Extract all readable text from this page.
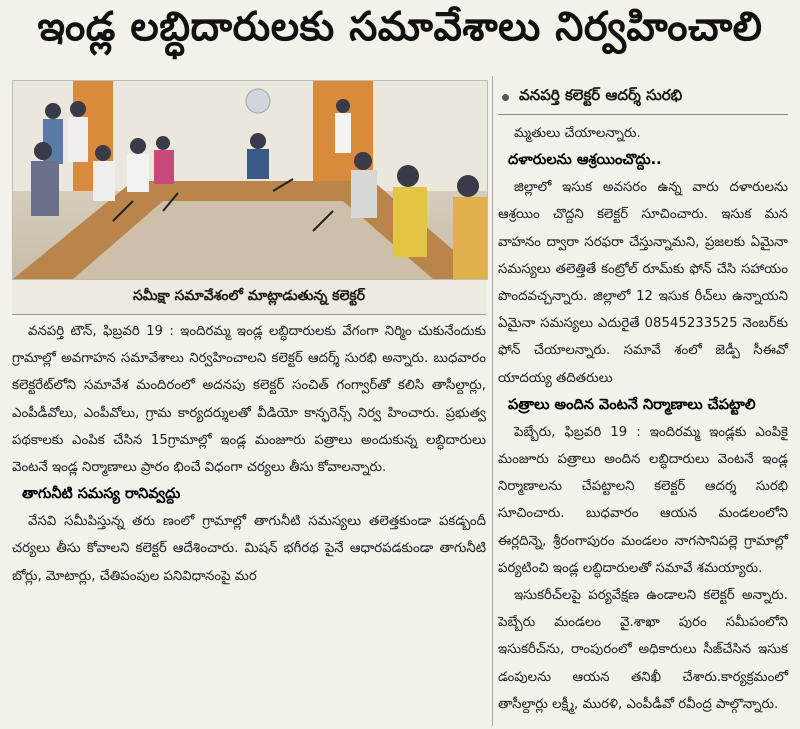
ఇండ్ల లబ్ధిదారులకు సమావేశాలు నిర్వహించాలి
సమీక్షా సమావేశంలో మాట్లాడుతున్న కలెక్టర్
వనపర్తి కలెక్టర్ ఆదర్శ్ సురభి

వనపర్తి టౌన్, ఫిబ్రవరి 19 : ఇందిరమ్మ ఇండ్ల లబ్ధిదారులకు వేగంగా నిర్మిం చుకునేందుకు గ్రామాల్లో అవగాహన సమావేశాలు నిర్వహించాలని కలెక్టర్ ఆదర్శ్ సురభి అన్నారు. బుధవారం కలెక్టరేట్‌లోని సమావేశ మందిరంలో అదనపు కలెక్టర్ సంచిత్ గంగ్వార్‌తో కలిసి తాసీల్దార్లు, ఎంపీడీవోలు, ఎంపీవోలు, గ్రామ కార్యదర్శులతో వీడియో కాన్ఫరెన్స్ నిర్వ హించారు. ప్రభుత్వ పథకాలకు ఎంపిక చేసిన 15గ్రామాల్లో ఇండ్ల మంజూరు పత్రాలు అందుకున్న లబ్ధిదారులు వెంటనే ఇండ్ల నిర్మాణాలు ప్రారం భించే విధంగా చర్యలు తీసు కోవాలన్నారు.

తాగునీటి సమస్య రానివ్వద్దు

వేసవి సమీపిస్తున్న తరు ణంలో గ్రామాల్లో తాగునీటి సమస్యలు తలెత్తకుండా పకడ్బందీ చర్యలు తీసు కోవాలని కలెక్టర్ ఆదేశించారు. మిషన్ భగీరథ పైనే ఆధారపడకుండా తాగునీటి బోర్లు, మోటార్లు, చేతిపంపుల పనివిధానంపై మర

మ్మతులు చేయాలన్నారు.

దళారులను ఆశ్రయించొద్దు..

జిల్లాలో ఇసుక అవసరం ఉన్న వారు దళారులను ఆశ్రయిం చొద్దని కలెక్టర్ సూచించారు. ఇసుక మన వాహనం ద్వారా సరఫరా చేస్తున్నామని, ప్రజలకు ఏమైనా సమస్యలు తలెత్తితే కంట్రోల్ రూమ్‌కు ఫోన్ చేసి సహాయం పొందవచ్చన్నారు. జిల్లాలో 12 ఇసుక రీచ్‌లు ఉన్నాయని ఏమైనా సమస్యలు ఎదురైతే 08545233525 నెంబర్‌కు ఫోన్ చేయాలన్నారు. సమావే శంలో జెడ్పీ సీఈవో యాదయ్య తదితరులు

పత్రాలు అందిన వెంటనే నిర్మాణాలు చేపట్టాలి

పెబ్బేరు, ఫిబ్రవరి 19 : ఇందిరమ్మ ఇండ్లకు ఎంపికై మంజూరు పత్రాలు అందిన లబ్ధిదారులు వెంటనే ఇండ్ల నిర్మాణాలను చేపట్టాలని కలెక్టర్ ఆదర్శ సురభి సూచించారు. బుధవారం ఆయన మండలంలోని ఈర్లదిన్నె, శ్రీరంగాపురం మండలం నాగసానిపల్లె గ్రామాల్లో పర్యటించి ఇండ్ల లబ్ధిదారులతో సమావే శమయ్యారు.

ఇసుకరీచ్‌లపై పర్యవేక్షణ ఉండాలని కలెక్టర్ అన్నారు. పెబ్బేరు మండలం వై.శాఖా పురం సమీపంలోని ఇసుకరీచ్‌ను, రాంపురంలో అధికారులు సీజ్‌చేసిన ఇసుక డంపులను ఆయన తనిఖీ చేశారు.కార్యక్రమంలో తాసీల్దార్లు లక్ష్మీ, మురళి, ఎంపీడీవో రవీంద్ర పాల్గొన్నారు.
